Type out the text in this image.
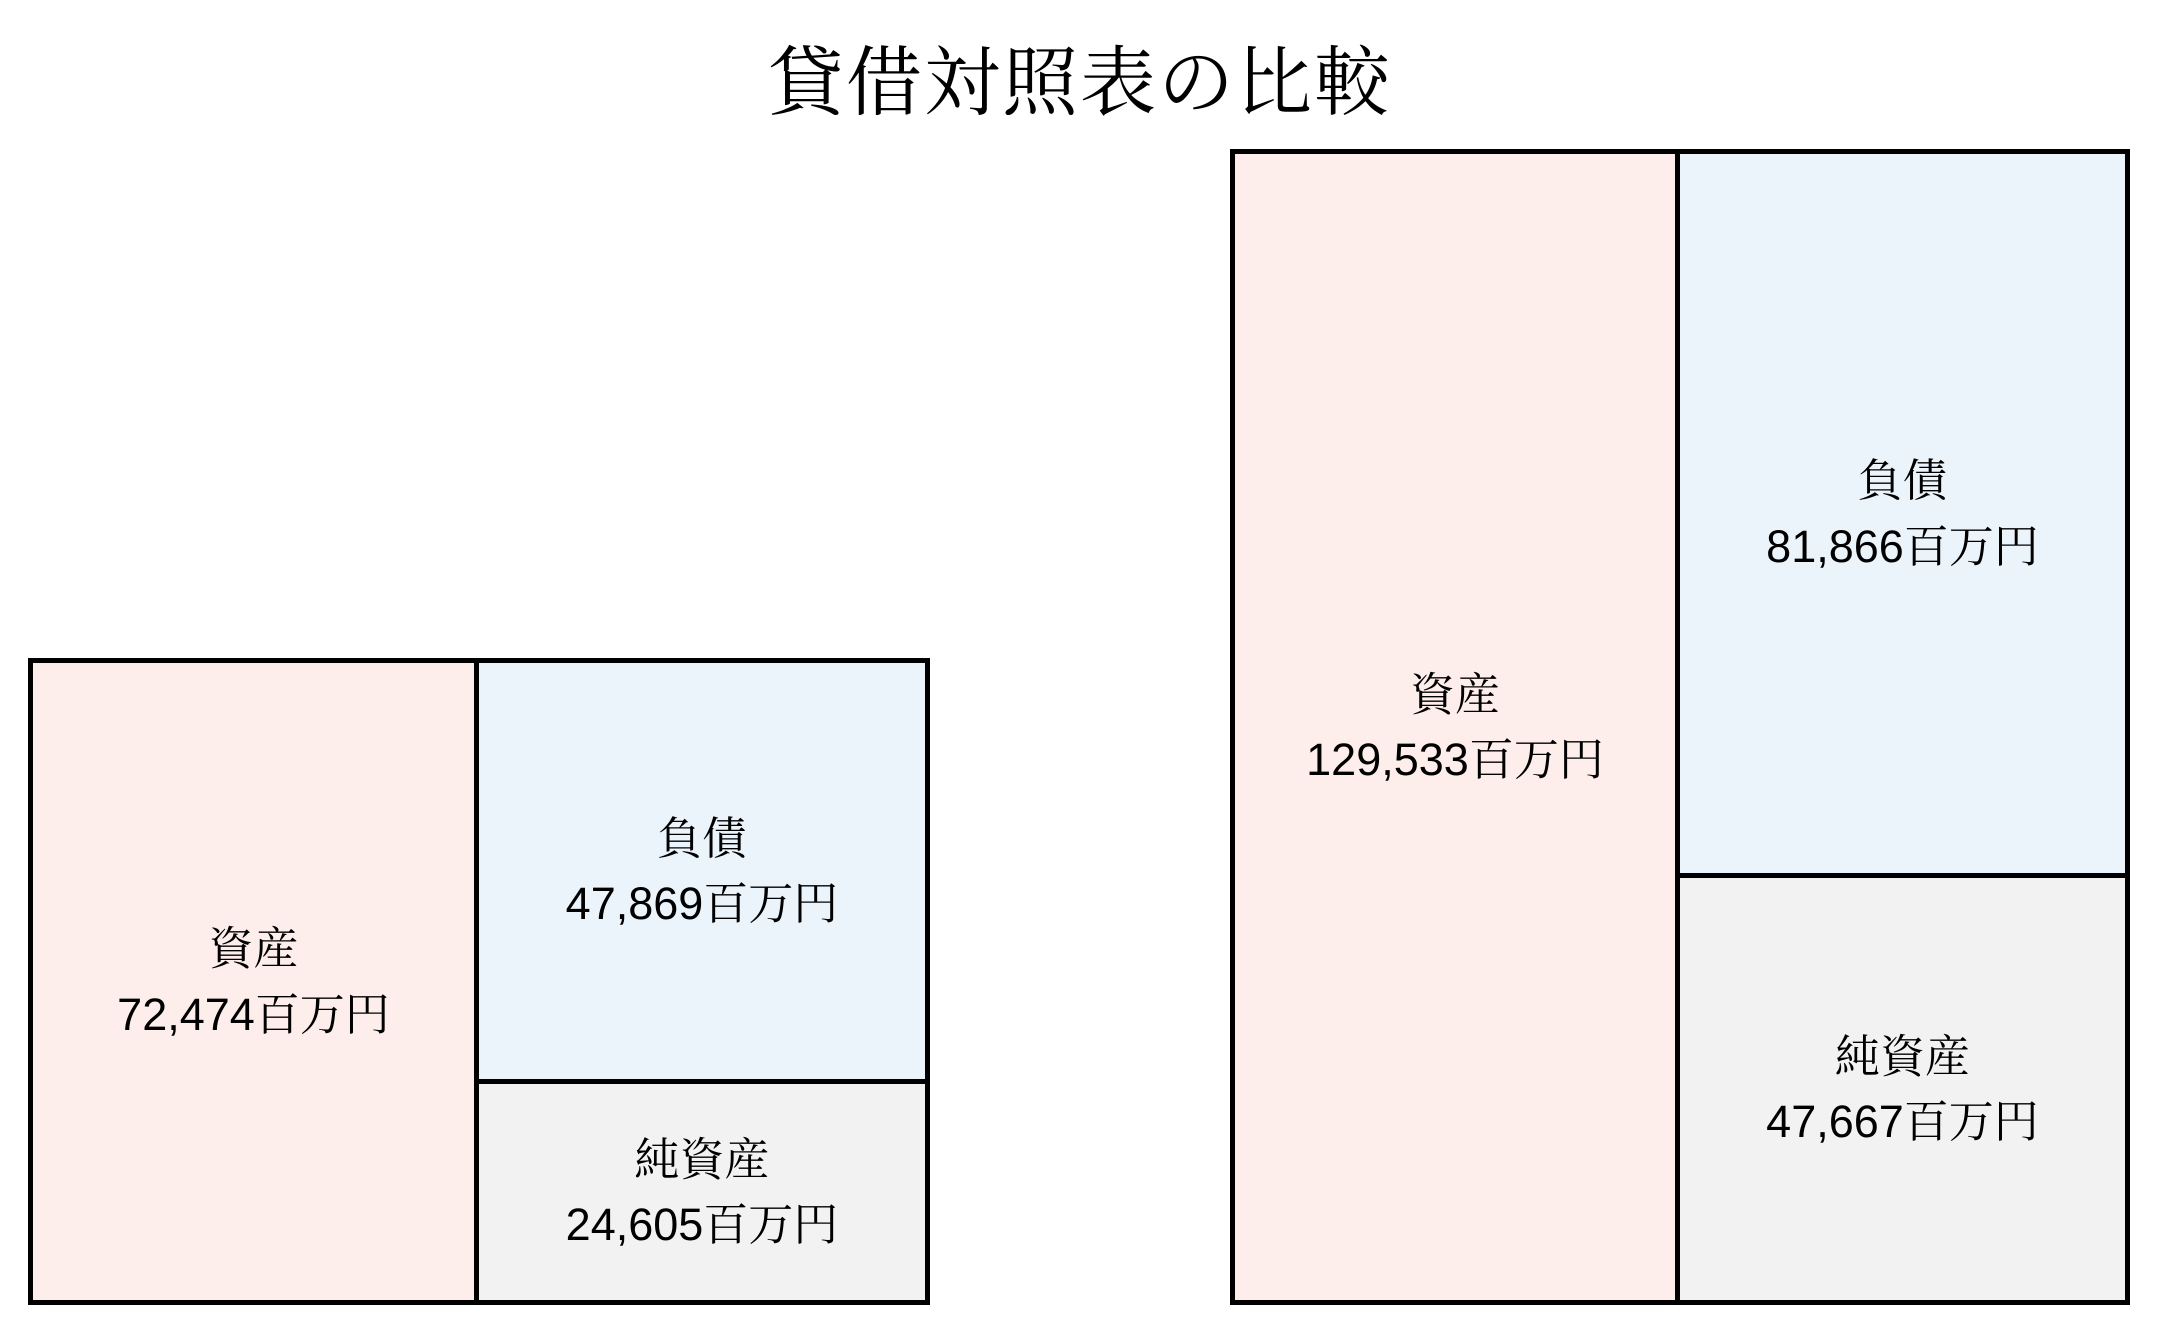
貸借対照表の比較
資産
72,474百万円
負債
47,869百万円
純資産
24,605百万円
資産
129,533百万円
負債
81,866百万円
純資産
47,667百万円
